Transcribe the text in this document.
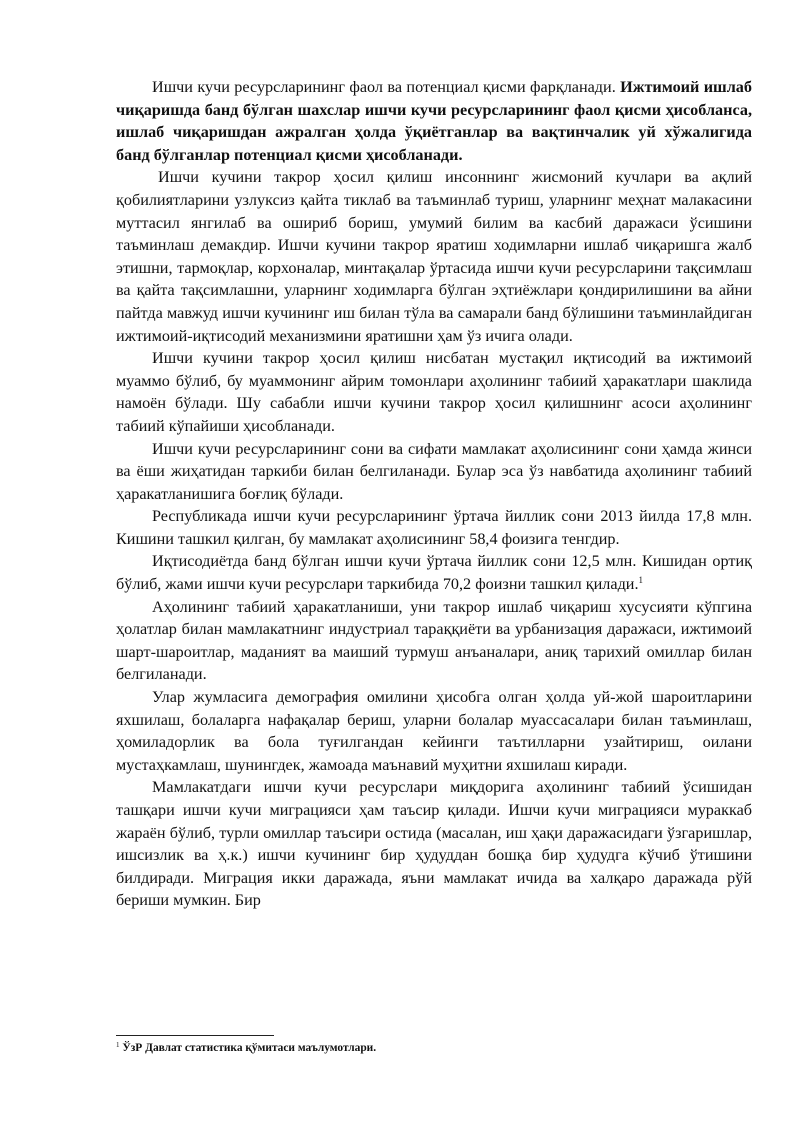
Ишчи кучи ресурсларининг фаол ва потенциал қисми фарқланади. Ижтимоий ишлаб чиқаришда банд бўлган шахслар ишчи кучи ресурсларининг фаол қисми ҳисобланса, ишлаб чиқаришдан ажралган ҳолда ўқиётганлар ва вақтинчалик уй хўжалигида банд бўлганлар потенциал қисми ҳисобланади.

Ишчи кучини такрор ҳосил қилиш инсоннинг жисмоний кучлари ва ақлий қобилиятларини узлуксиз қайта тиклаб ва таъминлаб туриш, уларнинг меҳнат малакасини муттасил янгилаб ва ошириб бориш, умумий билим ва касбий даражаси ўсишини таъминлаш демакдир. Ишчи кучини такрор яратиш ходимларни ишлаб чиқаришга жалб этишни, тармоқлар, корхоналар, минтақалар ўртасида ишчи кучи ресурсларини тақсимлаш ва қайта тақсимлашни, уларнинг ходимларга бўлган эҳтиёжлари қондирилишини ва айни пайтда мавжуд ишчи кучининг иш билан тўла ва самарали банд бўлишини таъминлайдиган ижтимоий-иқтисодий механизмини яратишни ҳам ўз ичига олади.

Ишчи кучини такрор ҳосил қилиш нисбатан мустақил иқтисодий ва ижтимоий муаммо бўлиб, бу муаммонинг айрим томонлари аҳолининг табиий ҳаракатлари шаклида намоён бўлади. Шу сабабли ишчи кучини такрор ҳосил қилишнинг асоси аҳолининг табиий кўпайиши ҳисобланади.

Ишчи кучи ресурсларининг сони ва сифати мамлакат аҳолисининг сони ҳамда жинси ва ёши жиҳатидан таркиби билан белгиланади. Булар эса ўз навбатида аҳолининг табиий ҳаракатланишига боғлиқ бўлади.

Республикада ишчи кучи ресурсларининг ўртача йиллик сони 2013 йилда 17,8 млн. Кишини ташкил қилган, бу мамлакат аҳолисининг 58,4 фоизига тенгдир.

Иқтисодиётда банд бўлган ишчи кучи ўртача йиллик сони 12,5 млн. Кишидан ортиқ бўлиб, жами ишчи кучи ресурслари таркибида 70,2 фоизни ташкил қилади.$^1$

Аҳолининг табиий ҳаракатланиши, уни такрор ишлаб чиқариш хусусияти кўпгина ҳолатлар билан мамлакатнинг индустриал тараққиёти ва урбанизация даражаси, ижтимоий шарт-шароитлар, маданият ва маиший турмуш анъаналари, аниқ тарихий омиллар билан белгиланади.

Улар жумласига демография омилини ҳисобга олган ҳолда уй-жой шароитларини яхшилаш, болаларга нафақалар бериш, уларни болалар муассасалари билан таъминлаш, ҳомиладорлик ва бола туғилгандан кейинги таътилларни узайтириш, оилани мустаҳкамлаш, шунингдек, жамоада маънавий муҳитни яхшилаш киради.

Мамлакатдаги ишчи кучи ресурслари миқдорига аҳолининг табиий ўсишидан ташқари ишчи кучи миграцияси ҳам таъсир қилади. Ишчи кучи миграцияси мураккаб жараён бўлиб, турли омиллар таъсири остида (масалан, иш ҳақи даражасидаги ўзгаришлар, ишсизлик ва ҳ.к.) ишчи кучининг бир ҳудуддан бошқа бир ҳудудга кўчиб ўтишини билдиради. Миграция икки даражада, яъни мамлакат ичида ва халқаро даражада рўй бериши мумкин. Бир

$^1$ ЎзР Давлат статистика қўмитаси маълумотлари.
